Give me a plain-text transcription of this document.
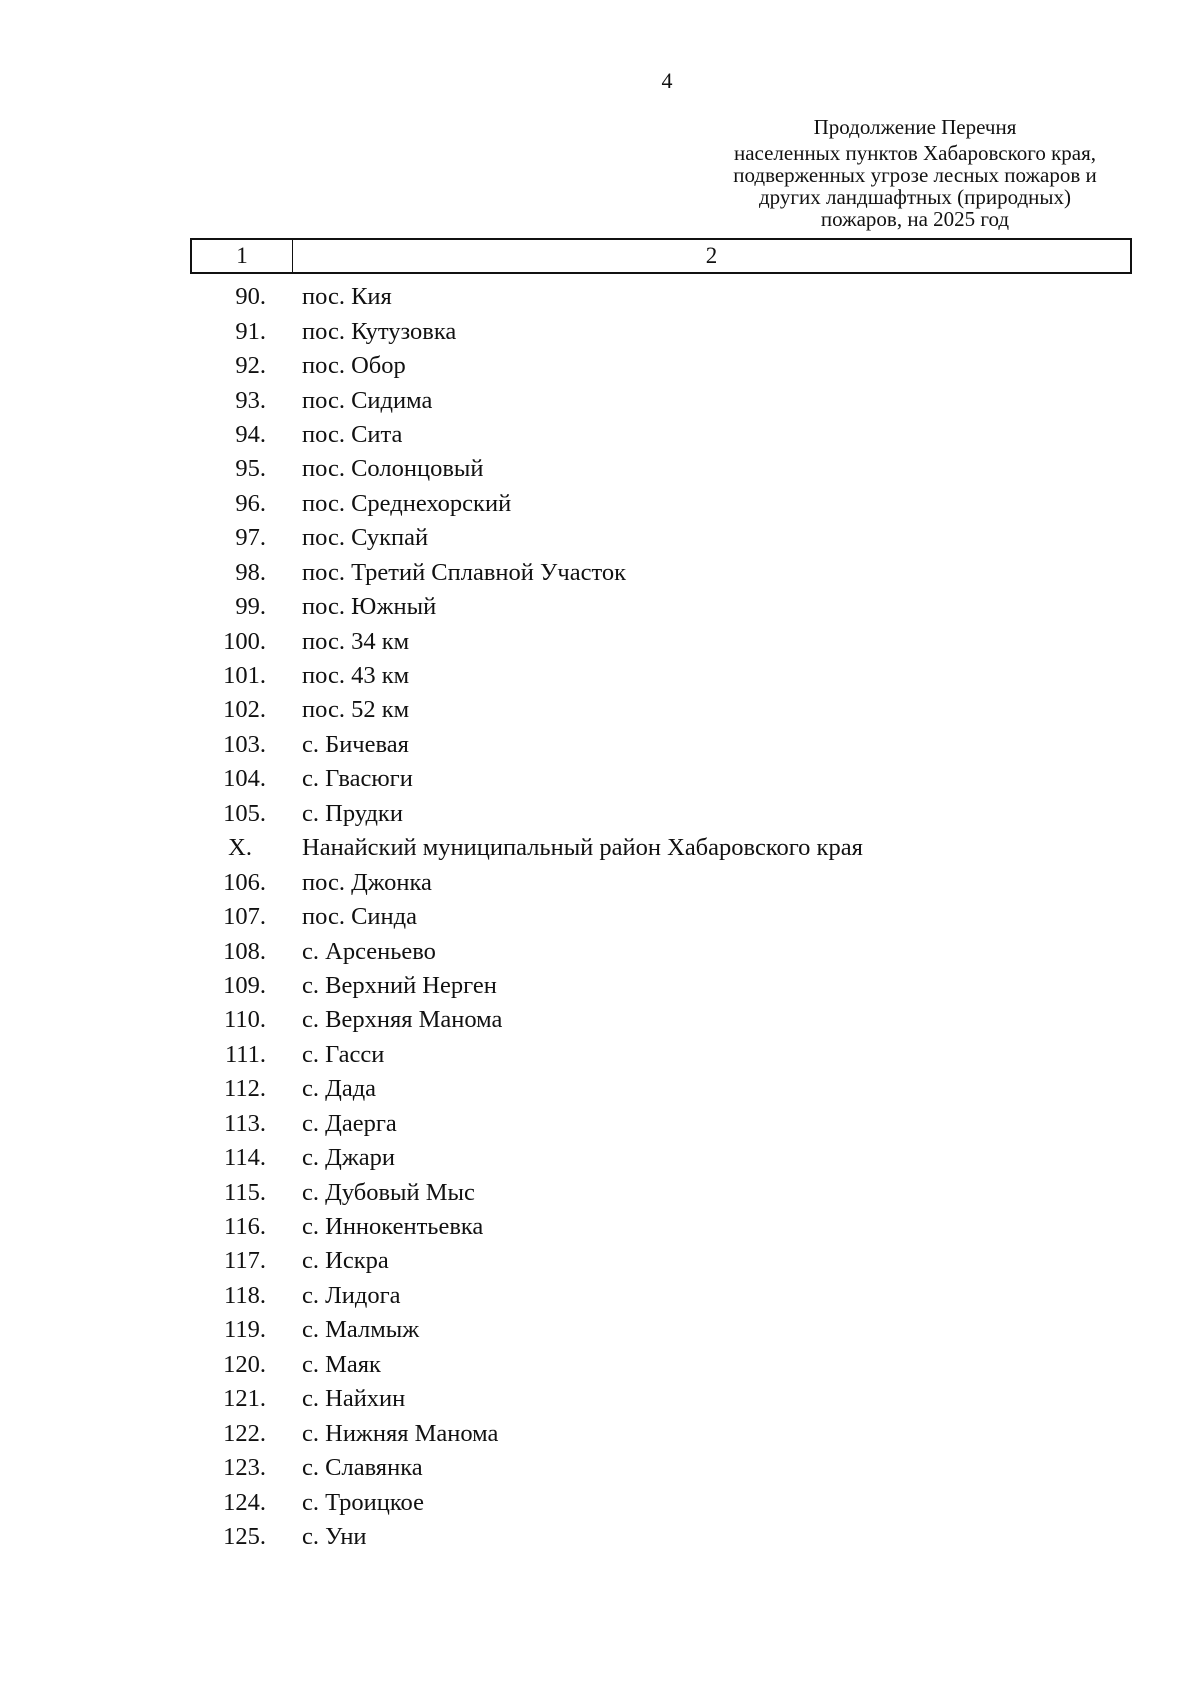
4
Продолжение Перечня
населенных пунктов Хабаровского края,
подверженных угрозе лесных пожаров и
других ландшафтных (природных)
пожаров, на 2025 год
1	2
90.	пос. Кия
91.	пос. Кутузовка
92.	пос. Обор
93.	пос. Сидима
94.	пос. Сита
95.	пос. Солонцовый
96.	пос. Среднехорский
97.	пос. Сукпай
98.	пос. Третий Сплавной Участок
99.	пос. Южный
100.	пос. 34 км
101.	пос. 43 км
102.	пос. 52 км
103.	с. Бичевая
104.	с. Гвасюги
105.	с. Прудки
X.	Нанайский муниципальный район Хабаровского края
106.	пос. Джонка
107.	пос. Синда
108.	с. Арсеньево
109.	с. Верхний Нерген
110.	с. Верхняя Манома
111.	с. Гасси
112.	с. Дада
113.	с. Даерга
114.	с. Джари
115.	с. Дубовый Мыс
116.	с. Иннокентьевка
117.	с. Искра
118.	с. Лидога
119.	с. Малмыж
120.	с. Маяк
121.	с. Найхин
122.	с. Нижняя Манома
123.	с. Славянка
124.	с. Троицкое
125.	с. Уни
